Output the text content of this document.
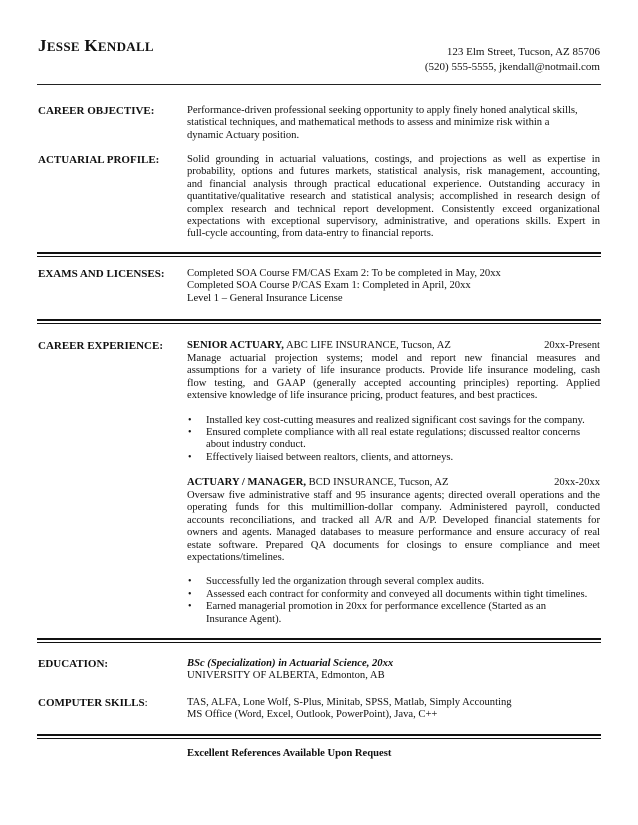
JESSE KENDALL	123 Elm Street, Tucson, AZ 85706
(520) 555-5555, jkendall@notmail.com
CAREER OBJECTIVE:	Performance-driven professional seeking opportunity to apply finely honed analytical skills,
statistical techniques, and mathematical methods to assess and minimize risk within a
dynamic Actuary position.
ACTUARIAL PROFILE:	Solid grounding in actuarial valuations, costings, and projections as well as expertise in
probability, options and futures markets, statistical analysis, risk management, accounting,
and financial analysis through practical educational experience. Outstanding accuracy in
quantitative/qualitative research and statistical analysis; accomplished in research design of
complex research and technical report development. Consistently exceed organizational
expectations with exceptional supervisory, administrative, and operations skills. Expert in
full-cycle accounting, from data-entry to financial reports.
EXAMS AND LICENSES: Completed SOA Course FM/CAS Exam 2: To be completed in May, 20xx
Completed SOA Course P/CAS Exam 1: Completed in April, 20xx
Level 1 – General Insurance License
CAREER EXPERIENCE: SENIOR ACTUARY, ABC LIFE INSURANCE, Tucson, AZ	20xx-Present
Manage actuarial projection systems; model and report new financial measures and
assumptions for a variety of life insurance products. Provide life insurance modeling, cash
flow testing, and GAAP (generally accepted accounting principles) reporting. Applied
extensive knowledge of life insurance pricing, product features, and best practices.
• Installed key cost-cutting measures and realized significant cost savings for the company.
• Ensured complete compliance with all real estate regulations; discussed realtor concerns
about industry conduct.
• Effectively liaised between realtors, clients, and attorneys.
ACTUARY / MANAGER, BCD INSURANCE, Tucson, AZ	20xx-20xx
Oversaw five administrative staff and 95 insurance agents; directed overall operations and the
operating funds for this multimillion-dollar company. Administered payroll, conducted
accounts reconciliations, and tracked all A/R and A/P. Developed financial statements for
owners and agents. Managed databases to measure performance and ensure accuracy of real
estate software. Prepared QA documents for closings to ensure compliance and meet
expectations/timelines.
• Successfully led the organization through several complex audits.
• Assessed each contract for conformity and conveyed all documents within tight timelines.
• Earned managerial promotion in 20xx for performance excellence (Started as an
Insurance Agent).
EDUCATION:	BSc (Specialization) in Actuarial Science, 20xx
UNIVERSITY OF ALBERTA, Edmonton, AB
COMPUTER SKILLS:	TAS, ALFA, Lone Wolf, S-Plus, Minitab, SPSS, Matlab, Simply Accounting
MS Office (Word, Excel, Outlook, PowerPoint), Java, C++
Excellent References Available Upon Request
